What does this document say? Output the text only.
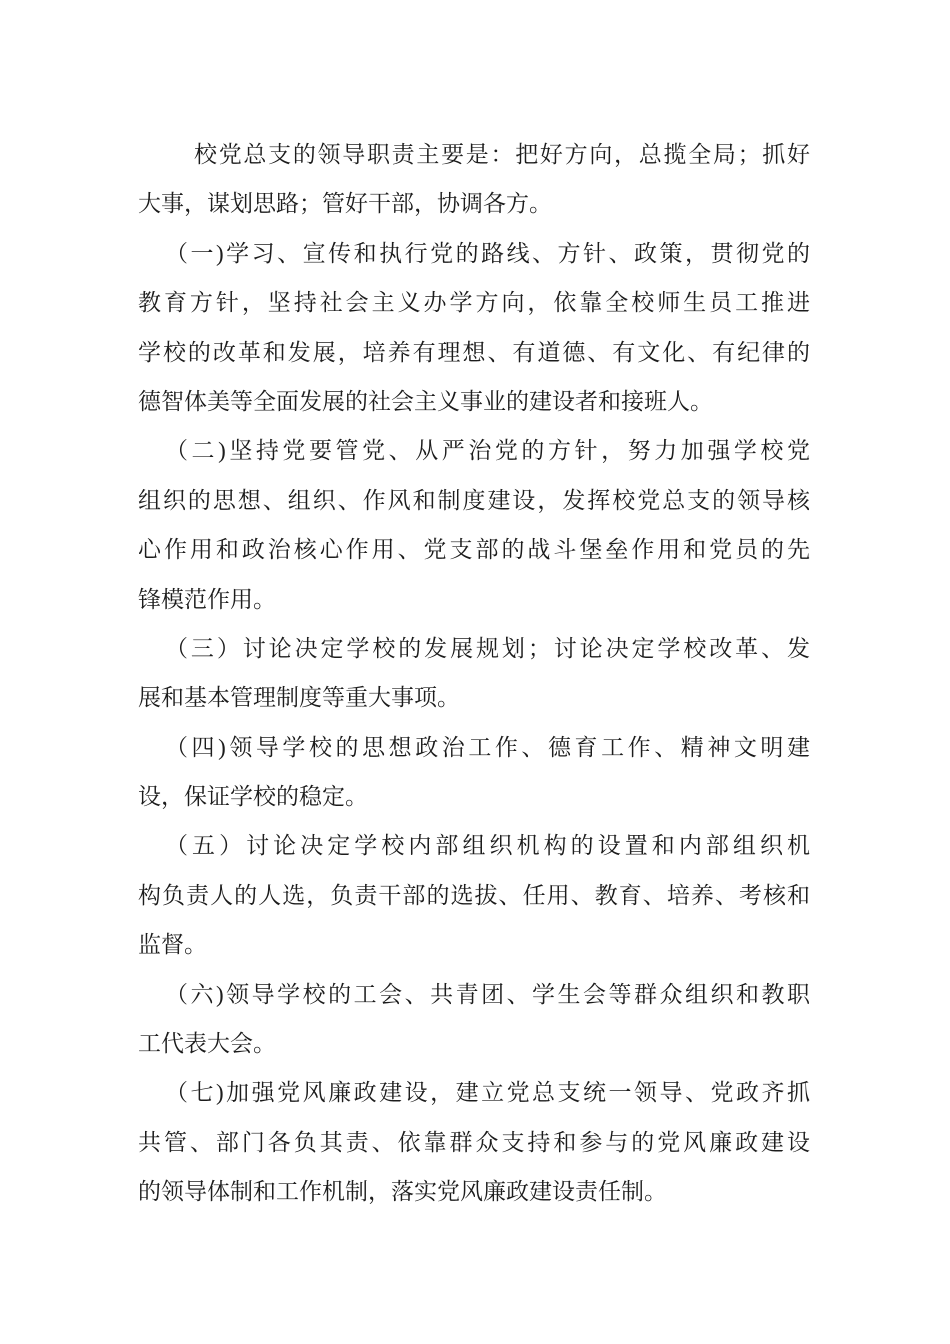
校党总支的领导职责主要是：把好方向，总揽全局；抓好
大事，谋划思路；管好干部，协调各方。
（一)学习、宣传和执行党的路线、方针、政策，贯彻党的
教育方针，坚持社会主义办学方向，依靠全校师生员工推进
学校的改革和发展，培养有理想、有道德、有文化、有纪律的
德智体美等全面发展的社会主义事业的建设者和接班人。
（二)坚持党要管党、从严治党的方针，努力加强学校党
组织的思想、组织、作风和制度建设，发挥校党总支的领导核
心作用和政治核心作用、党支部的战斗堡垒作用和党员的先
锋模范作用。
（三）讨论决定学校的发展规划；讨论决定学校改革、发
展和基本管理制度等重大事项。
（四)领导学校的思想政治工作、德育工作、精神文明建
设，保证学校的稳定。
（五）讨论决定学校内部组织机构的设置和内部组织机
构负责人的人选，负责干部的选拔、任用、教育、培养、考核和
监督。
（六)领导学校的工会、共青团、学生会等群众组织和教职
工代表大会。
（七)加强党风廉政建设，建立党总支统一领导、党政齐抓
共管、部门各负其责、依靠群众支持和参与的党风廉政建设
的领导体制和工作机制，落实党风廉政建设责任制。
